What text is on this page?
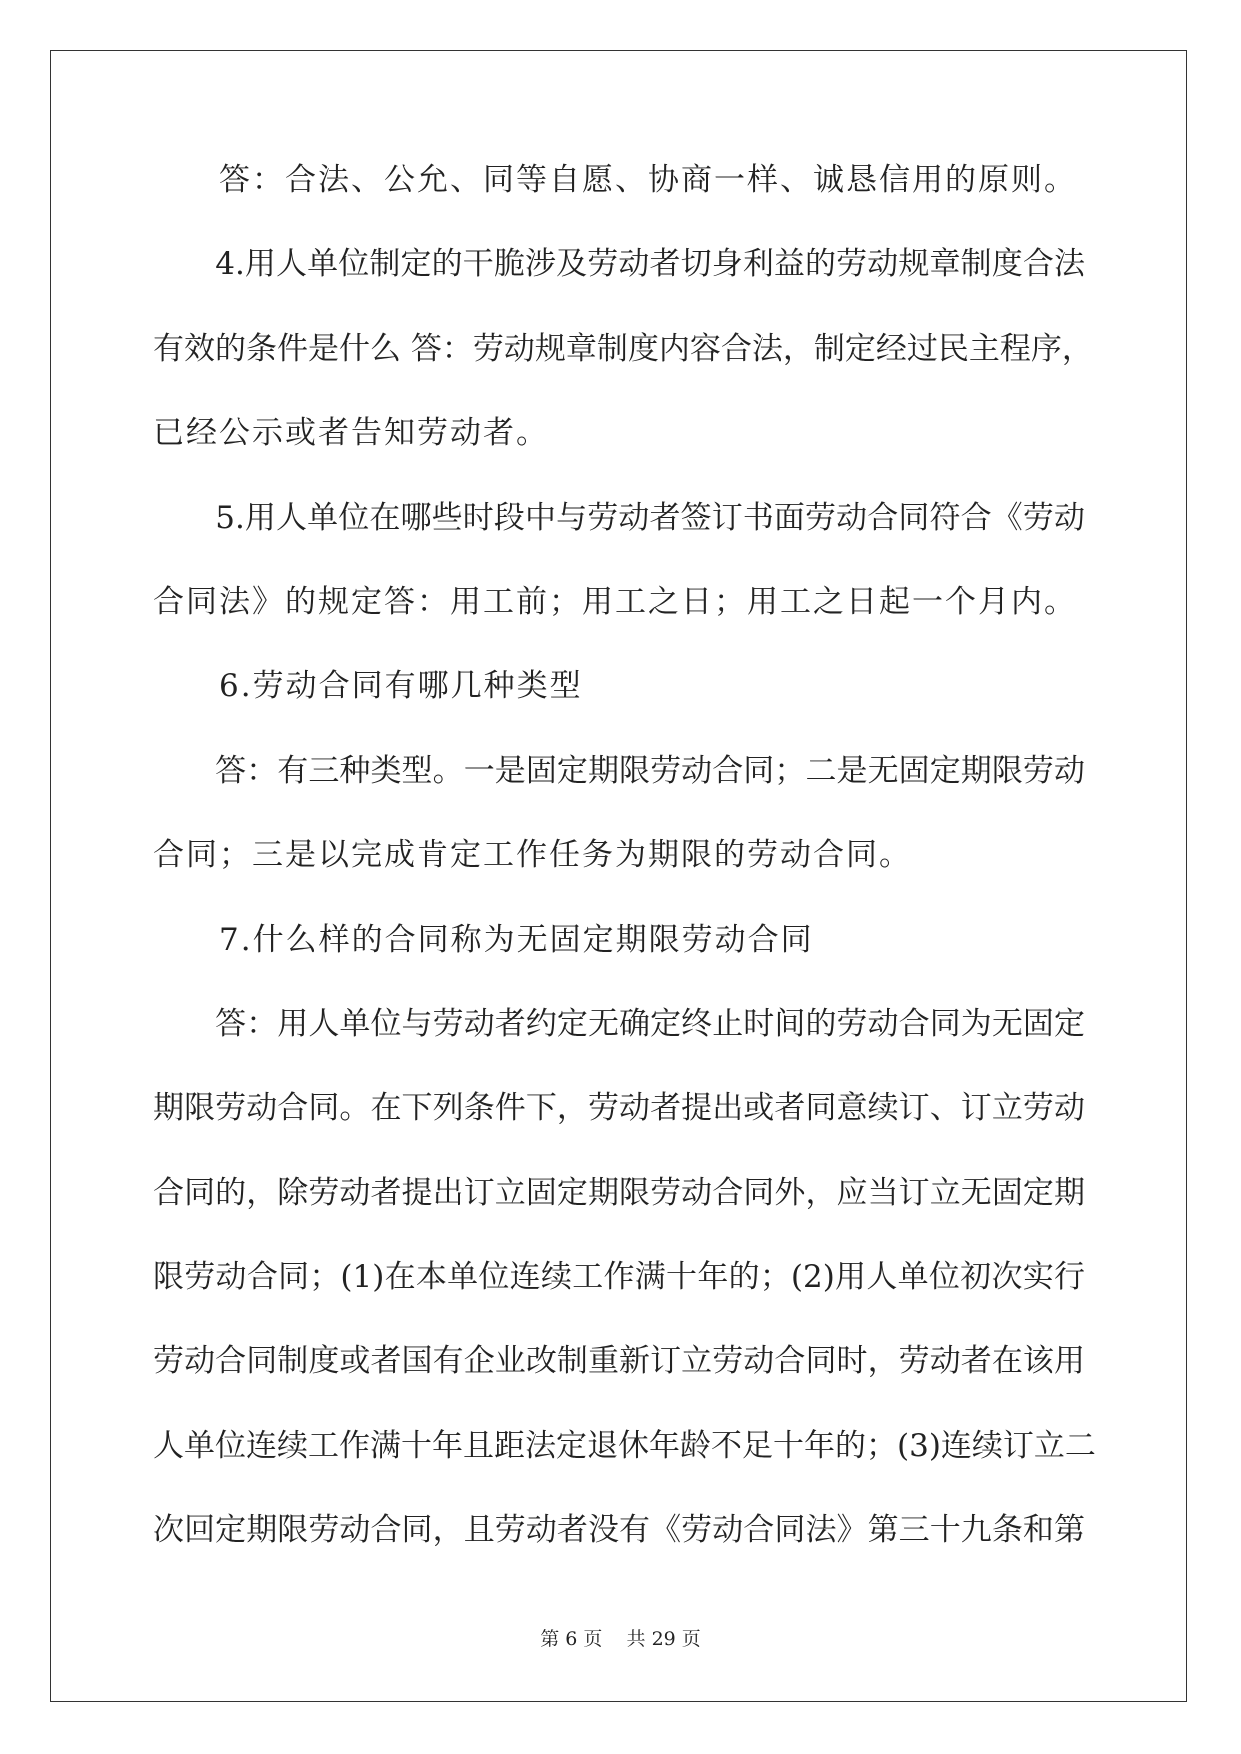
　　答：合法、公允、同等自愿、协商一样、诚恳信用的原则。
　　4.用人单位制定的干脆涉及劳动者切身利益的劳动规章制度合法
有效的条件是什么 答：劳动规章制度内容合法，制定经过民主程序，
已经公示或者告知劳动者。
　　5.用人单位在哪些时段中与劳动者签订书面劳动合同符合《劳动
合同法》的规定答：用工前；用工之日；用工之日起一个月内。
　　6.劳动合同有哪几种类型
　　答：有三种类型。一是固定期限劳动合同；二是无固定期限劳动
合同；三是以完成肯定工作任务为期限的劳动合同。
　　7.什么样的合同称为无固定期限劳动合同
　　答：用人单位与劳动者约定无确定终止时间的劳动合同为无固定
期限劳动合同。在下列条件下，劳动者提出或者同意续订、订立劳动
合同的，除劳动者提出订立固定期限劳动合同外，应当订立无固定期
限劳动合同；(1)在本单位连续工作满十年的；(2)用人单位初次实行
劳动合同制度或者国有企业改制重新订立劳动合同时，劳动者在该用
人单位连续工作满十年且距法定退休年龄不足十年的；(3)连续订立二
次回定期限劳动合同，且劳动者没有《劳动合同法》第三十九条和第
第 6 页    共 29 页
